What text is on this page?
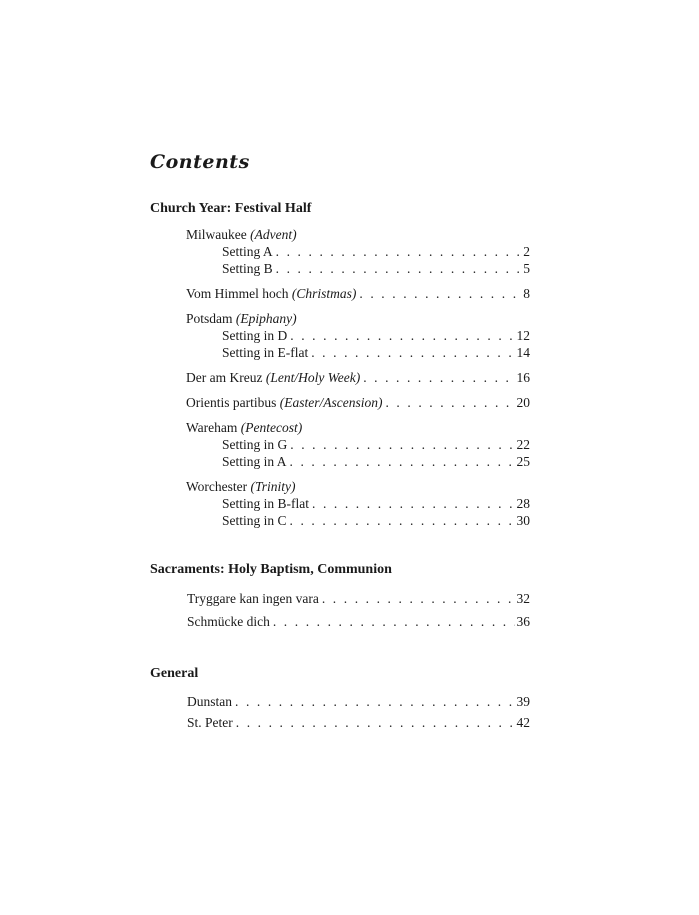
Contents
Church Year: Festival Half
Milwaukee (Advent)
Setting A . . .	2
Setting B . . .	5
Vom Himmel hoch (Christmas) . . .	8
Potsdam (Epiphany)
Setting in D . . .	12
Setting in E-flat . . .	14
Der am Kreuz (Lent/Holy Week) . . .	16
Orientis partibus (Easter/Ascension) . . .	20
Wareham (Pentecost)
Setting in G . . .	22
Setting in A . . .	25
Worchester (Trinity)
Setting in B-flat . . .	28
Setting in C . . .	30
Sacraments: Holy Baptism, Communion
Tryggare kan ingen vara . . .	32
Schmücke dich . . .	36
General
Dunstan . . .	39
St. Peter . . .	42
